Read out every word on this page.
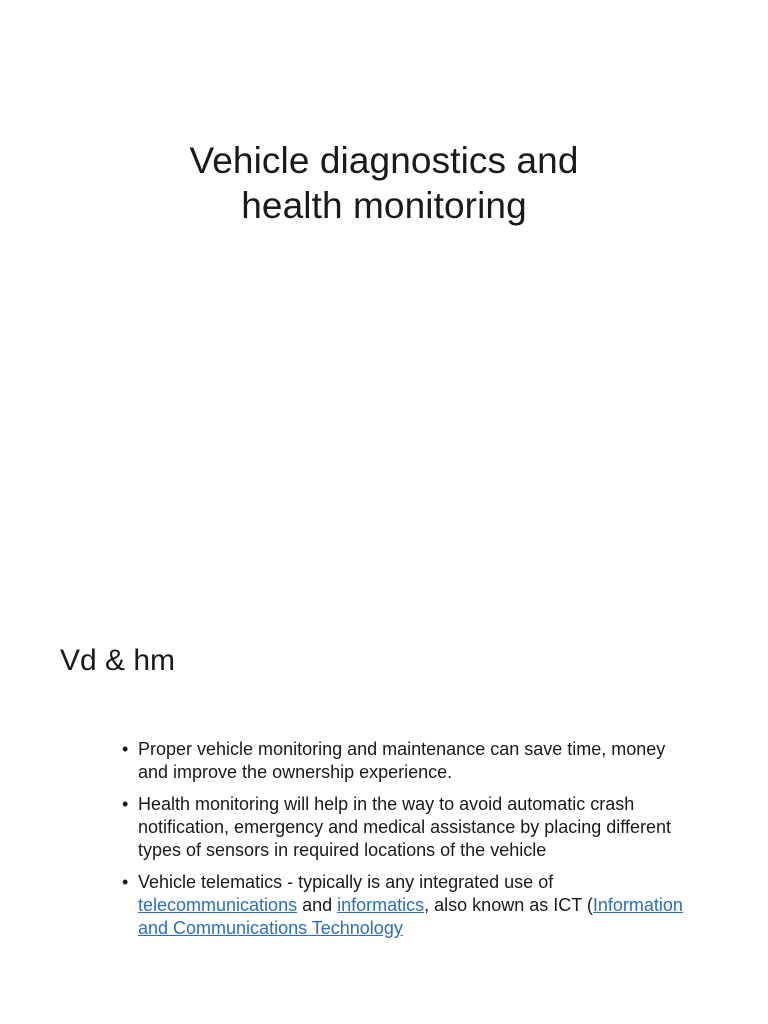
Vehicle diagnostics and
health monitoring
Vd & hm
• Proper vehicle monitoring and maintenance can save time, money and improve the ownership experience.
• Health monitoring will help in the way to avoid automatic crash notification, emergency and medical assistance by placing different types of sensors in required locations of the vehicle
• Vehicle telematics - typically is any integrated use of telecommunications and informatics, also known as ICT (Information and Communications Technology
